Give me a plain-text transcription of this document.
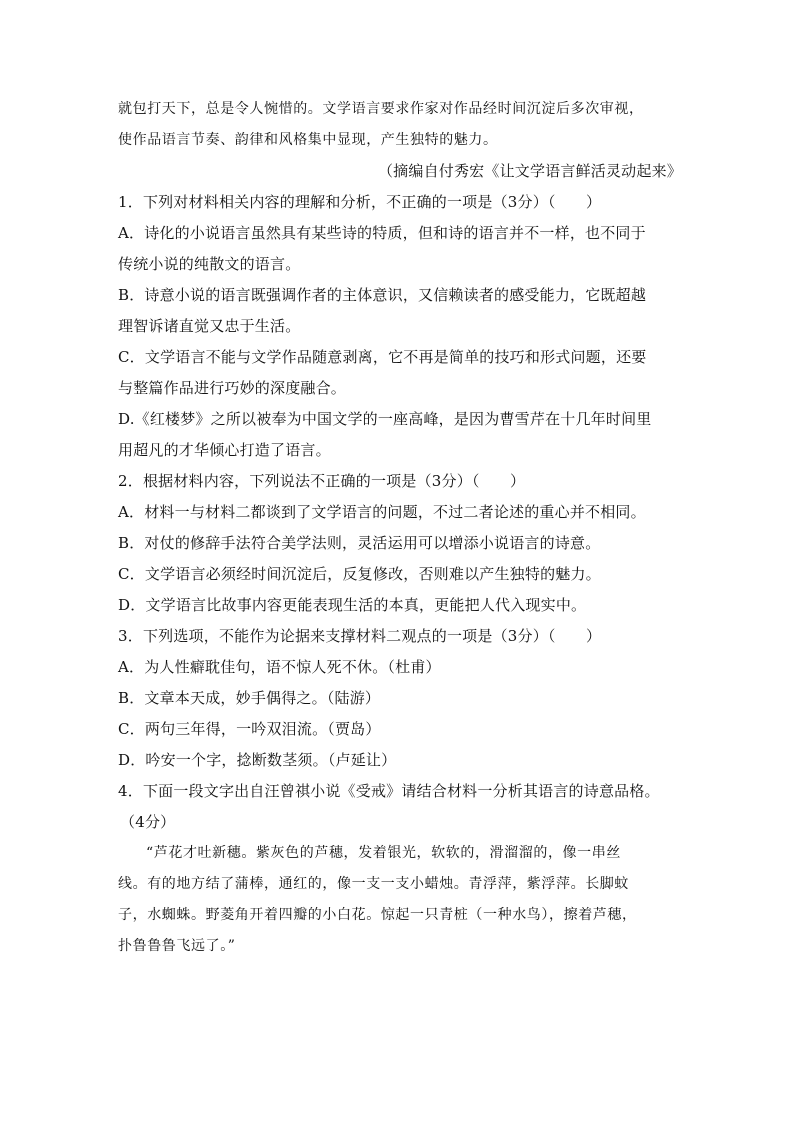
就包打天下，总是令人惋惜的。文学语言要求作家对作品经时间沉淀后多次审视，
使作品语言节奏、韵律和风格集中显现，产生独特的魅力。
（摘编自付秀宏《让文学语言鲜活灵动起来》
1．下列对材料相关内容的理解和分析，不正确的一项是（3分）（　　）
A．诗化的小说语言虽然具有某些诗的特质，但和诗的语言并不一样，也不同于
传统小说的纯散文的语言。
B．诗意小说的语言既强调作者的主体意识，又信赖读者的感受能力，它既超越
理智诉诸直觉又忠于生活。
C．文学语言不能与文学作品随意剥离，它不再是简单的技巧和形式问题，还要
与整篇作品进行巧妙的深度融合。
D.《红楼梦》之所以被奉为中国文学的一座高峰，是因为曹雪芹在十几年时间里
用超凡的才华倾心打造了语言。
2．根据材料内容，下列说法不正确的一项是（3分）（　　）
A．材料一与材料二都谈到了文学语言的问题，不过二者论述的重心并不相同。
B．对仗的修辞手法符合美学法则，灵活运用可以增添小说语言的诗意。
C．文学语言必须经时间沉淀后，反复修改，否则难以产生独特的魅力。
D．文学语言比故事内容更能表现生活的本真，更能把人代入现实中。
3．下列选项，不能作为论据来支撑材料二观点的一项是（3分）（　　）
A．为人性癖耽佳句，语不惊人死不休。（杜甫）
B．文章本天成，妙手偶得之。（陆游）
C．两句三年得，一吟双泪流。（贾岛）
D．吟安一个字，捻断数茎须。（卢延让）
4．下面一段文字出自汪曾祺小说《受戒》请结合材料一分析其语言的诗意品格。
（4分）
“芦花才吐新穗。紫灰色的芦穗，发着银光，软软的，滑溜溜的，像一串丝
线。有的地方结了蒲棒，通红的，像一支一支小蜡烛。青浮萍，紫浮萍。长脚蚊
子，水蜘蛛。野菱角开着四瓣的小白花。惊起一只青桩（一种水鸟），擦着芦穗，
扑鲁鲁鲁飞远了。”
